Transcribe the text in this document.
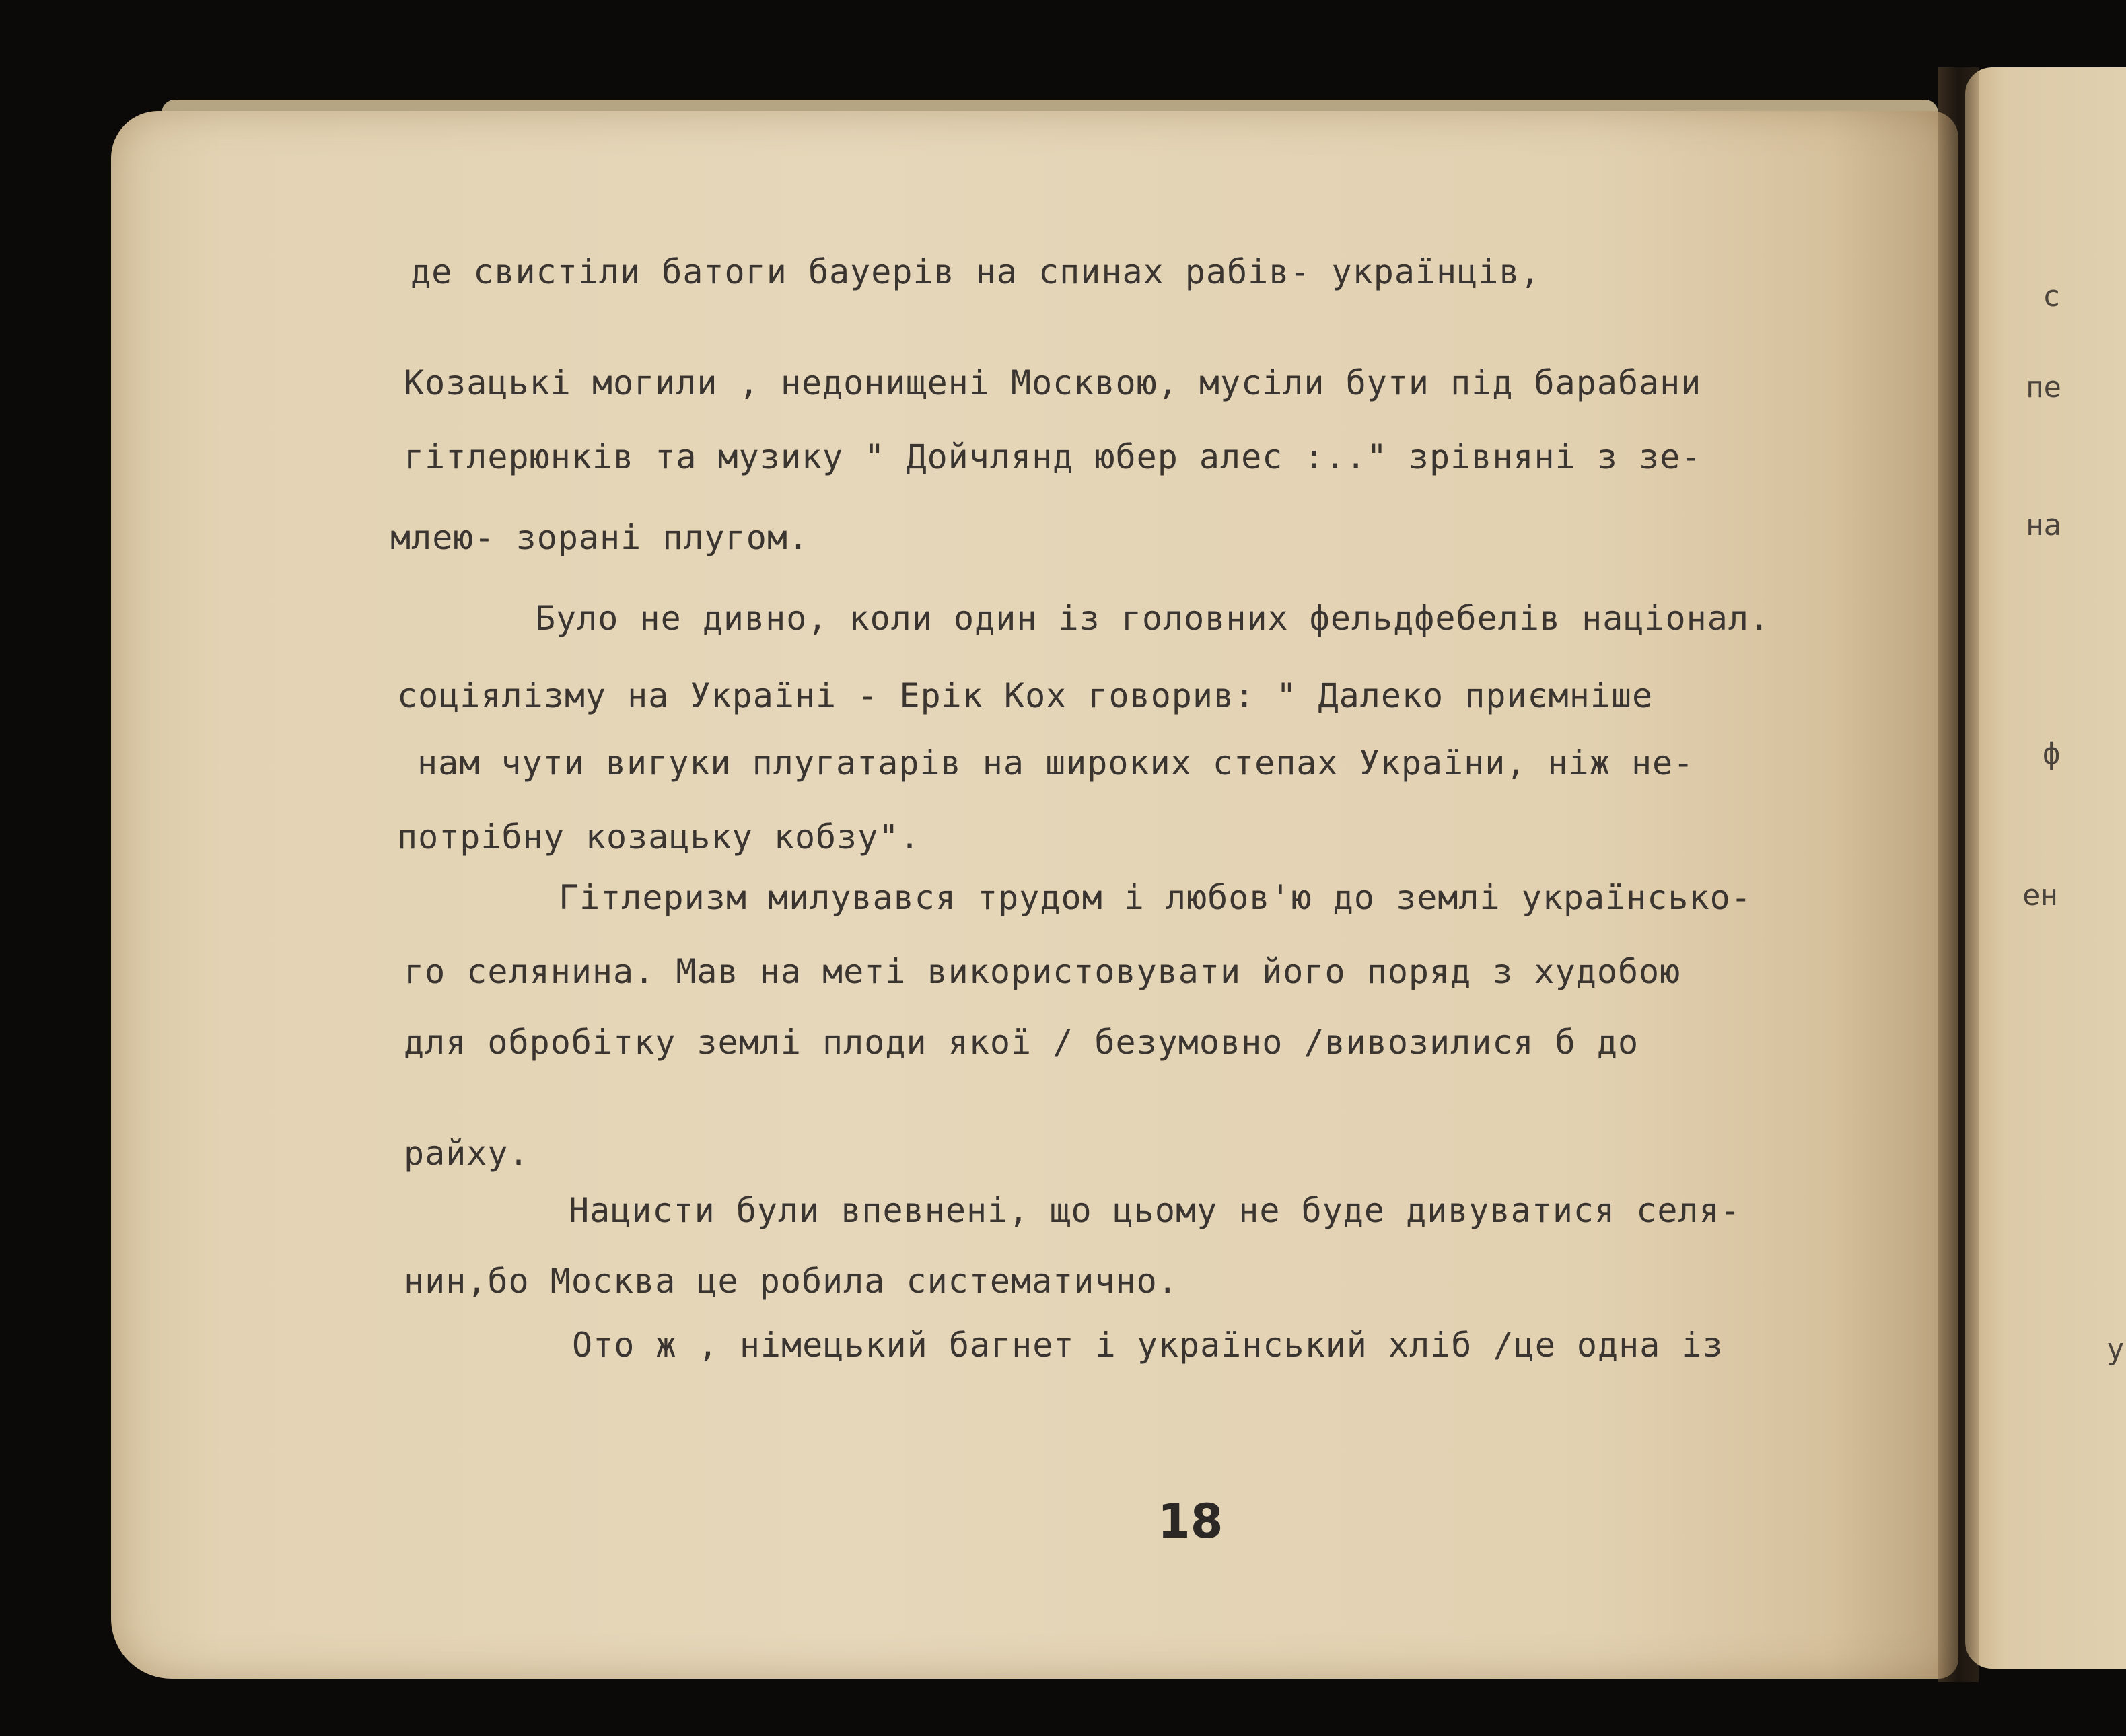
с
пе
на
ф
ен
у

де свистіли батоги бауерів на спинах рабів- українців,

Козацькі могили , недонищені Москвою, мусіли бути під барабани

гітлерюнків та музику " Дойчлянд юбер алес :.." зрівняні з зе-

млею- зорані плугом.

Було не дивно, коли один із головних фельдфебелів націонал.

соціялізму на Україні - Ерік Кох говорив: " Далеко приємніше

нам чути вигуки плугатарів на широких степах України, ніж не-

потрібну козацьку кобзу".

Гітлеризм милувався трудом і любов'ю до землі українсько-

го селянина. Мав на меті використовувати його поряд з худобою

для обробітку землі плоди якої / безумовно /вивозилися б до

райху.

Нацисти були впевнені, що цьому не буде дивуватися селя-

нин,бо Москва це робила систематично.

Ото ж , німецький багнет і український хліб /це одна із

18
